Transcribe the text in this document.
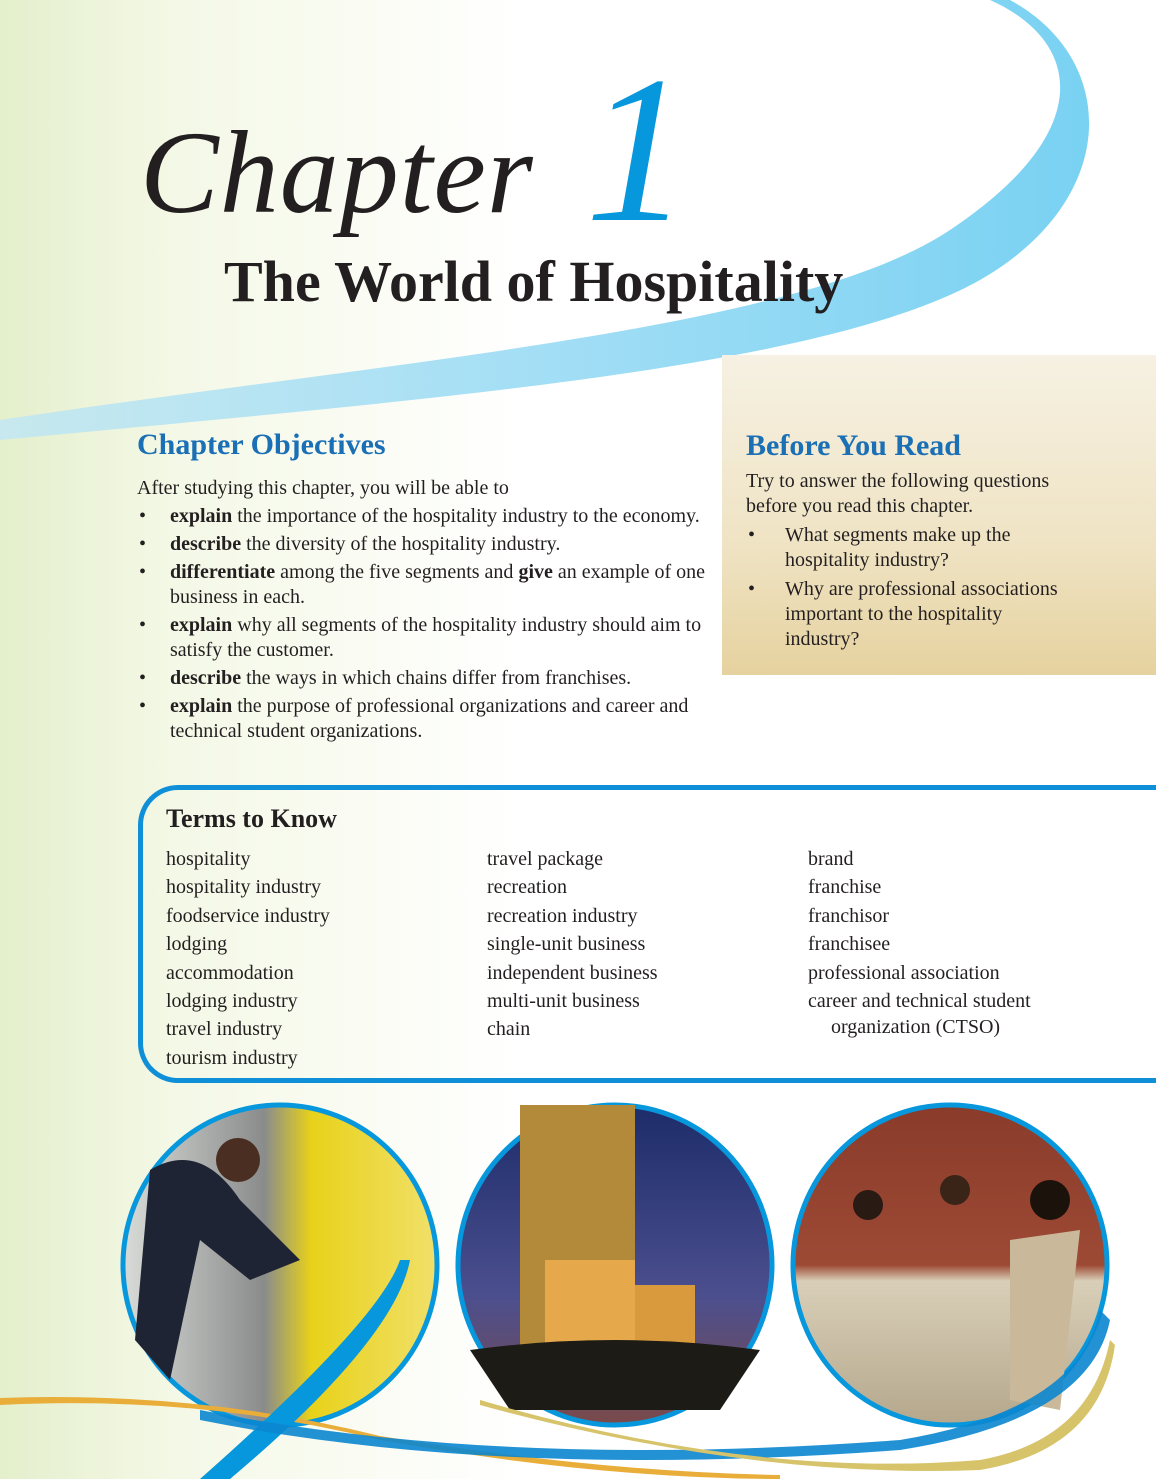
Chapter 1
The World of Hospitality
Chapter Objectives

After studying this chapter, you will be able to

• explain the importance of the hospitality industry to the economy.
• describe the diversity of the hospitality industry.
• differentiate among the five segments and give an example of one business in each.
• explain why all segments of the hospitality industry should aim to satisfy the customer.
• describe the ways in which chains differ from franchises.
• explain the purpose of professional organizations and career and technical student organizations.
Before You Read

Try to answer the following questions before you read this chapter.

• What segments make up the hospitality industry?
• Why are professional associations important to the hospitality industry?
Terms to Know
hospitality
hospitality industry
foodservice industry
lodging
accommodation
lodging industry
travel industry
tourism industry
travel package
recreation
recreation industry
single-unit business
independent business
multi-unit business
chain
brand
franchise
franchisor
franchisee
professional association
career and technical student
organization (CTSO)
